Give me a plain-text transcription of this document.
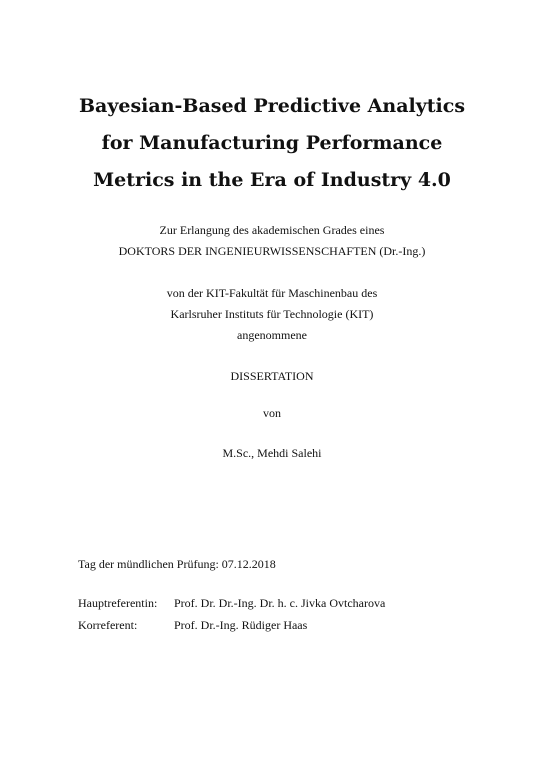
Bayesian-Based Predictive Analytics
for Manufacturing Performance
Metrics in the Era of Industry 4.0
Zur Erlangung des akademischen Grades eines
DOKTORS DER INGENIEURWISSENSCHAFTEN (Dr.-Ing.)
von der KIT-Fakultät für Maschinenbau des
Karlsruher Instituts für Technologie (KIT)
angenommene
DISSERTATION
von
M.Sc., Mehdi Salehi
Tag der mündlichen Prüfung: 07.12.2018
Hauptreferentin: Prof. Dr. Dr.-Ing. Dr. h. c. Jivka Ovtcharova
Korreferent:	Prof. Dr.-Ing. Rüdiger Haas
